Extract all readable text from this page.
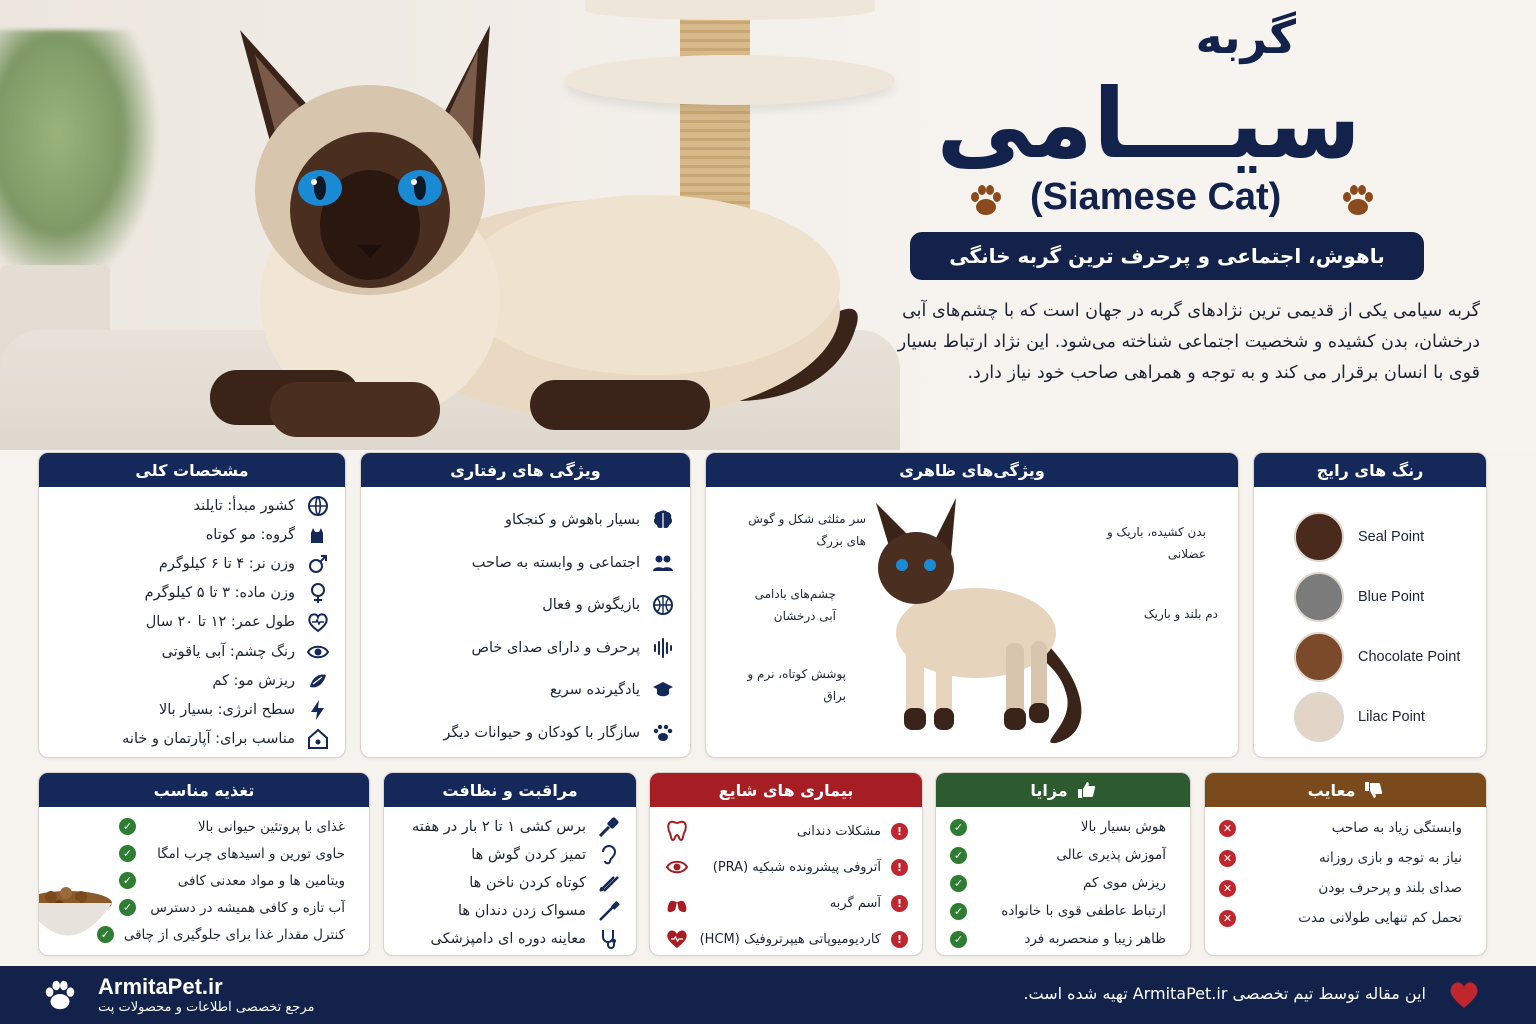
گربه
سیـــامی
(Siamese Cat)
باهوش، اجتماعی و پرحرف ترین گربه خانگی
گربه سیامی یکی از قدیمی ترین نژادهای گربه در جهان است که با چشم‌های آبی درخشان، بدن کشیده و شخصیت اجتماعی شناخته می‌شود. این نژاد ارتباط بسیار قوی با انسان برقرار می کند و به توجه و همراهی صاحب خود نیاز دارد.
مشخصات کلی
کشور مبدأ: تایلند
گروه: مو کوتاه
وزن نر: ۴ تا ۶ کیلوگرم
وزن ماده: ۳ تا ۵ کیلوگرم
طول عمر: ۱۲ تا ۲۰ سال
رنگ چشم: آبی یاقوتی
ریزش مو: کم
سطح انرژی: بسیار بالا
مناسب برای: آپارتمان و خانه
ویژگی های رفتاری
بسیار باهوش و کنجکاو
اجتماعی و وابسته به صاحب
بازیگوش و فعال
پرحرف و دارای صدای خاص
یادگیرنده سریع
سازگار با کودکان و حیوانات دیگر
ویژگی‌های ظاهری
سر مثلثی شکل و گوش های بزرگ
چشم‌های بادامی آبی درخشان
پوشش کوتاه، نرم و براق
بدن کشیده، باریک و عضلانی
دم بلند و باریک
رنگ های رایج
Seal Point
Blue Point
Chocolate Point
Lilac Point
تغذیه مناسب
غذای با پروتئین حیوانی بالا
✓
حاوی تورین و اسیدهای چرب امگا
✓
ویتامین ها و مواد معدنی کافی
✓
آب تازه و کافی همیشه در دسترس
✓
کنترل مقدار غذا برای جلوگیری از چاقی
✓
مراقبت و نظافت
برس کشی ۱ تا ۲ بار در هفته
تمیز کردن گوش ها
کوتاه کردن ناخن ها
مسواک زدن دندان ها
معاینه دوره ای دامپزشکی
بیماری های شایع
!
مشکلات دندانی
!
آتروفی پیشرونده شبکیه (PRA)
!
آسم گربه
!
کاردیومیوپاتی هیپرتروفیک (HCM)
مزایا
هوش بسیار بالا
✓
آموزش پذیری عالی
✓
ریزش موی کم
✓
ارتباط عاطفی قوی با خانواده
✓
ظاهر زیبا و منحصربه فرد
✓
معایب
وابستگی زیاد به صاحب
✕
نیاز به توجه و بازی روزانه
✕
صدای بلند و پرحرف بودن
✕
تحمل کم تنهایی طولانی مدت
✕
ArmitaPet.ir
مرجع تخصصی اطلاعات و محصولات پت
این مقاله توسط تیم تخصصی ArmitaPet.ir تهیه شده است.
